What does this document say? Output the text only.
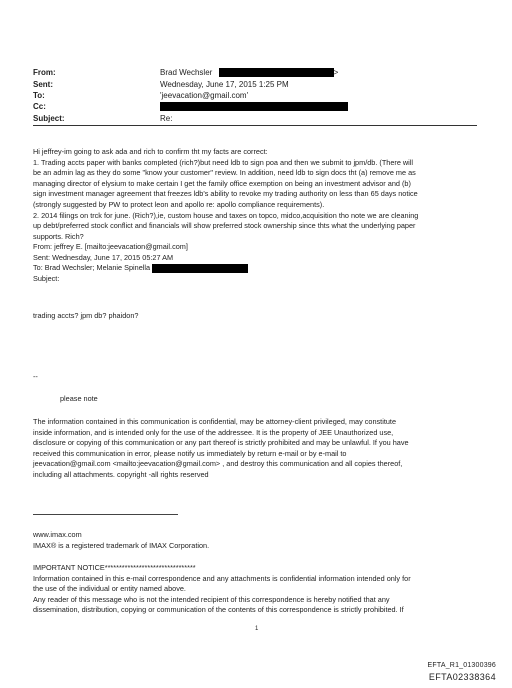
From:	Brad Wechsler	>
Sent:	Wednesday, June 17, 2015 1:25 PM
To:	'jeevacation@gmail.com'
Cc:
Subject:	Re:
Hi jeffrey-im going to ask ada and rich to confirm tht my facts are correct:
1. Trading accts paper with banks completed (rich?)but need ldb to sign poa and then we submit to jpm/db. (There will
be an admin lag as they do some "know your customer" review. In addition, need ldb to sign docs tht (a) remove me as
managing director of elysium to make certain I get the family office exemption on being an investment advisor and (b)
sign investment manager agreement that freezes ldb's ability to revoke my trading authority on less than 65 days notice
(strongly suggested by PW to protect leon and apollo re: apollo compliance requirements).
2. 2014 filings on trck for june. (Rich?),ie, custom house and taxes on topco, midco,acquisition tho note we are cleaning
up debt/preferred stock conflict and financials will show preferred stock ownership since thts what the underlying paper
supports. Rich?
From: jeffrey E. [mailto:jeevacation@gmail.com]
Sent: Wednesday, June 17, 2015 05:27 AM
To: Brad Wechsler; Melanie Spinella
Subject:
trading accts? jpm db? phaidon?
--
please note
The information contained in this communication is confidential, may be attorney-client privileged, may constitute
inside information, and is intended only for the use of the addressee. It is the property of JEE Unauthorized use,
disclosure or copying of this communication or any part thereof is strictly prohibited and may be unlawful. If you have
received this communication in error, please notify us immediately by return e-mail or by e-mail to
jeevacation@gmail.com <mailto:jeevacation@gmail.com> , and destroy this communication and all copies thereof,
including all attachments. copyright -all rights reserved
www.imax.com
IMAX® is a registered trademark of IMAX Corporation.
IMPORTANT NOTICE********************************
Information contained in this e-mail correspondence and any attachments is confidential information intended only for
the use of the individual or entity named above.
Any reader of this message who is not the intended recipient of this correspondence is hereby notified that any
dissemination, distribution, copying or communication of the contents of this correspondence is strictly prohibited. If
1
EFTA_R1_01300396
EFTA02338364
